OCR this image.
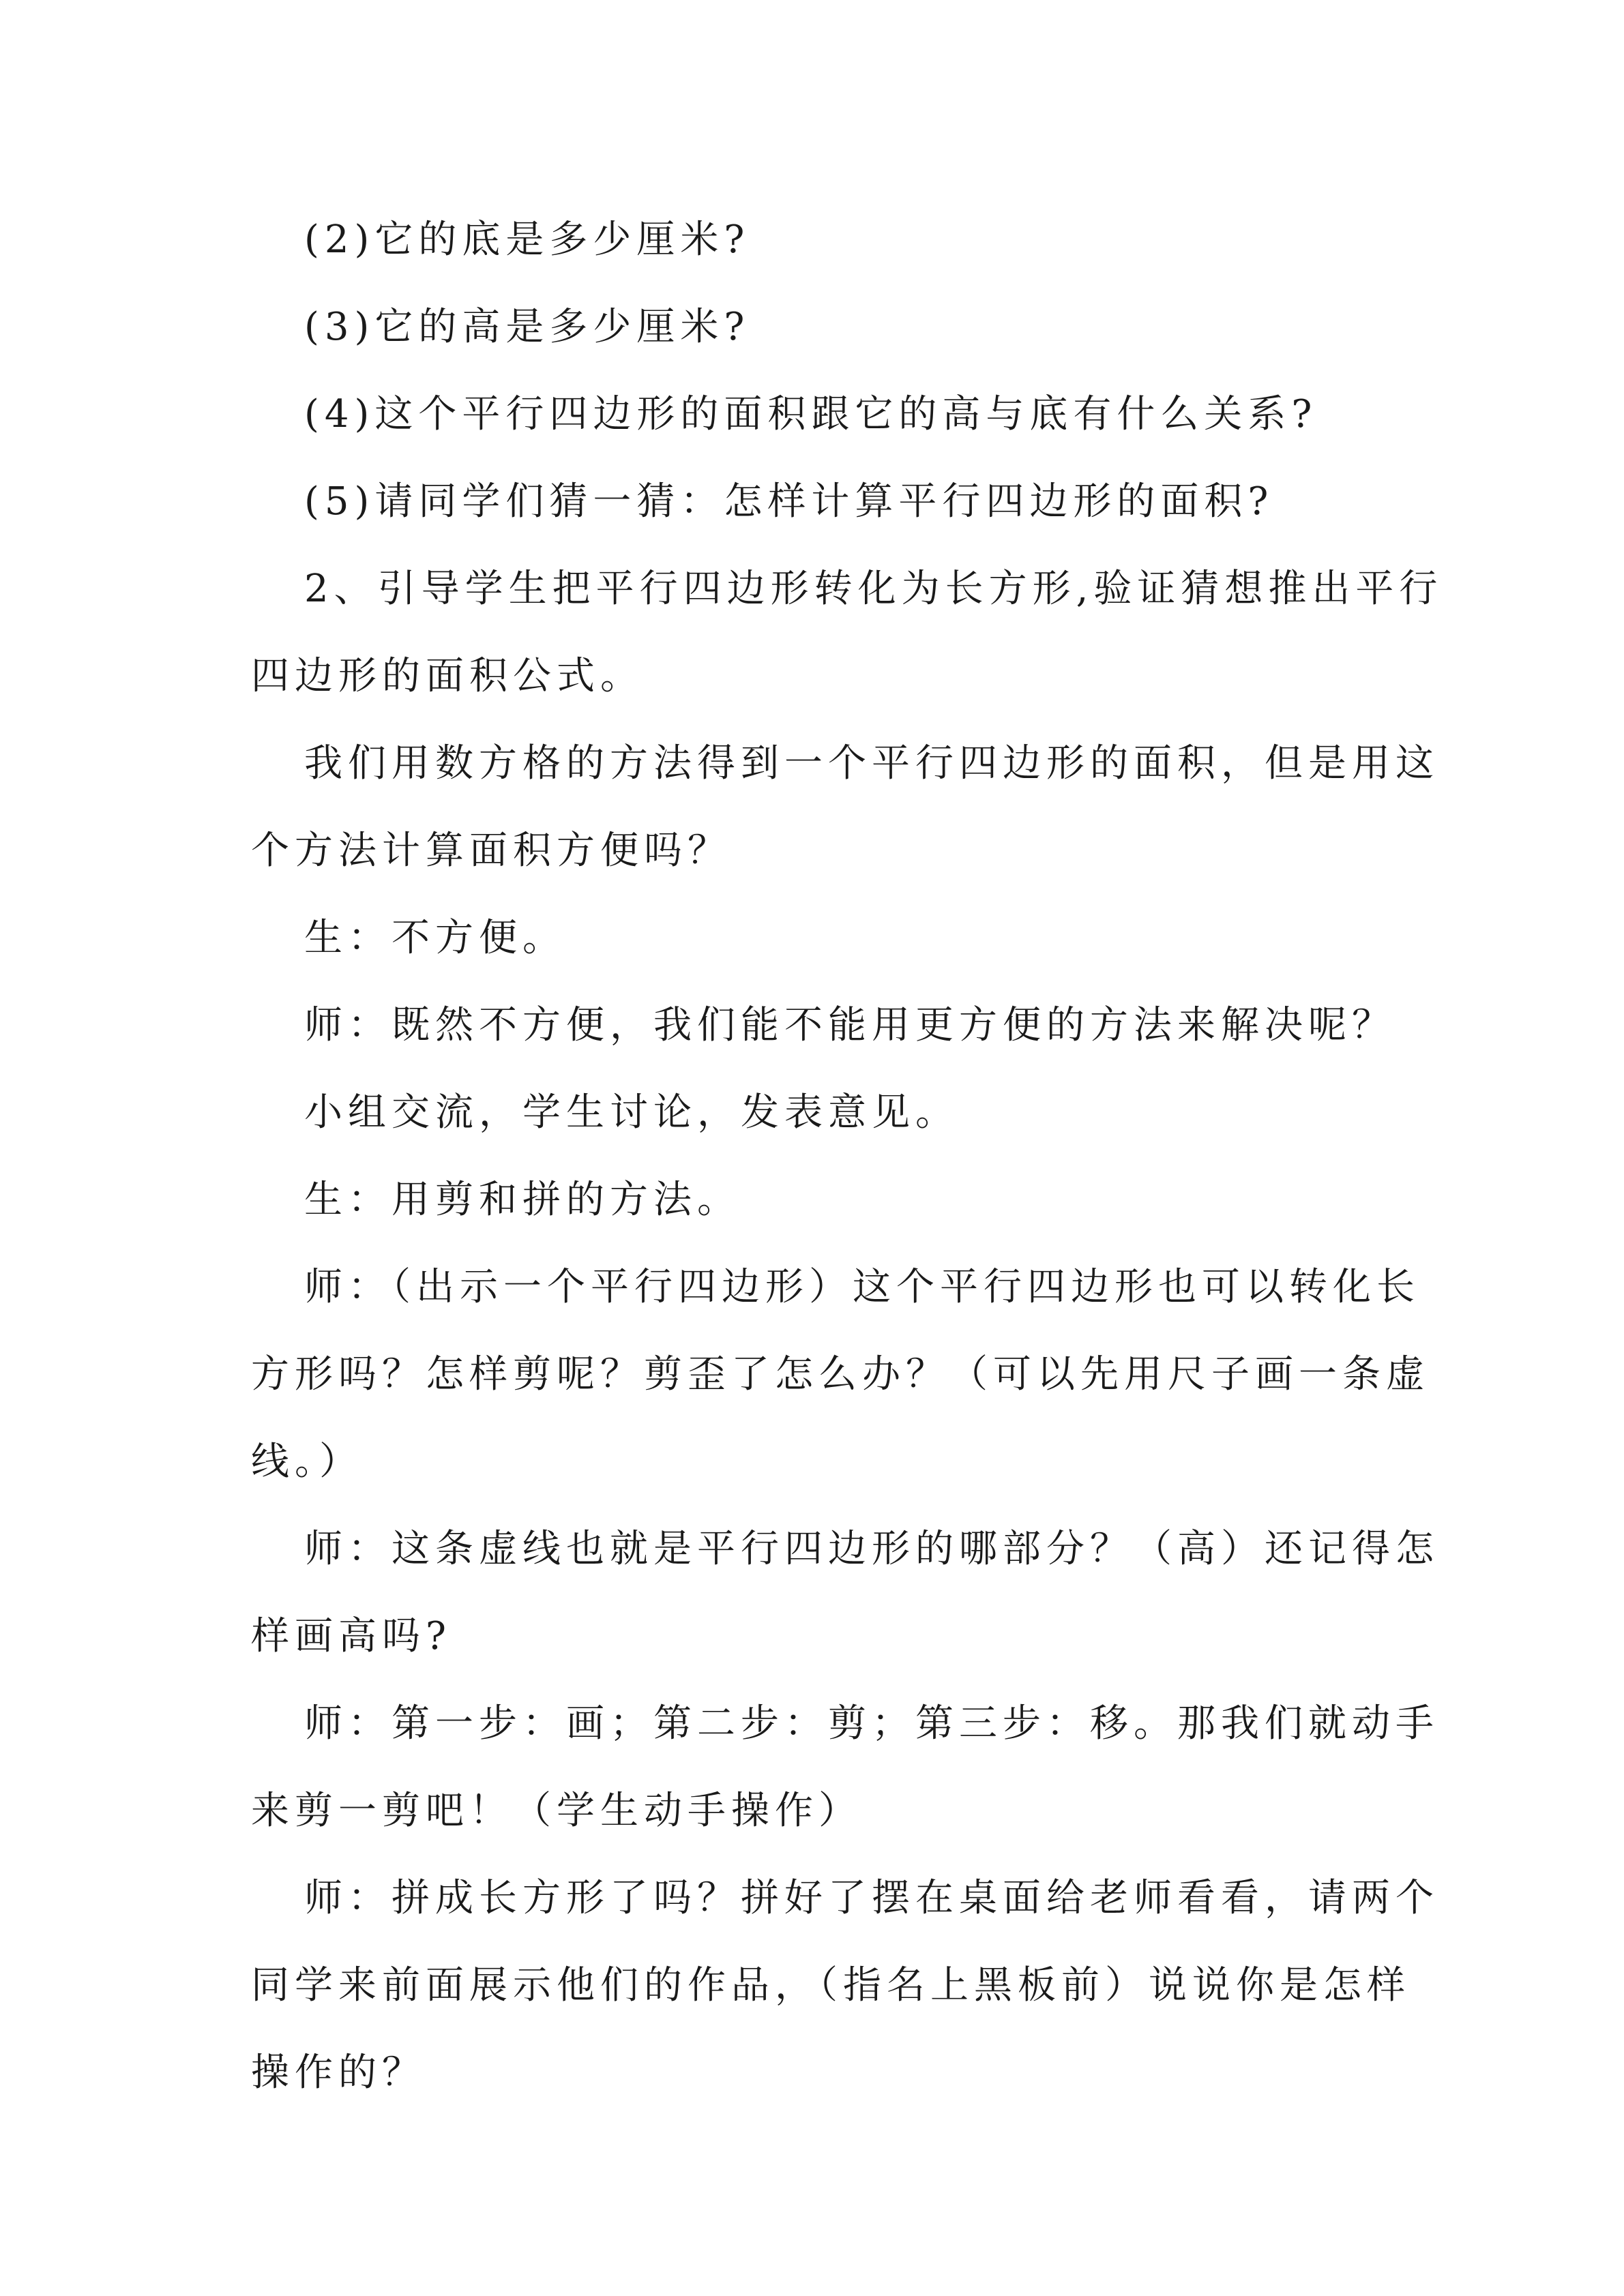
(2)它的底是多少厘米?
(3)它的高是多少厘米?
(4)这个平行四边形的面积跟它的高与底有什么关系?
(5)请同学们猜一猜：怎样计算平行四边形的面积?
2、引导学生把平行四边形转化为长方形,验证猜想推出平行
四边形的面积公式。
我们用数方格的方法得到一个平行四边形的面积，但是用这
个方法计算面积方便吗？
生：不方便。
师：既然不方便，我们能不能用更方便的方法来解决呢？
小组交流，学生讨论，发表意见。
生：用剪和拼的方法。
师：（出示一个平行四边形）这个平行四边形也可以转化长
方形吗？怎样剪呢？剪歪了怎么办？（可以先用尺子画一条虚
线。）
师：这条虚线也就是平行四边形的哪部分？（高）还记得怎
样画高吗?
师：第一步：画；第二步：剪；第三步：移。那我们就动手
来剪一剪吧！（学生动手操作）
师：拼成长方形了吗？拼好了摆在桌面给老师看看，请两个
同学来前面展示他们的作品，（指名上黑板前）说说你是怎样
操作的？
